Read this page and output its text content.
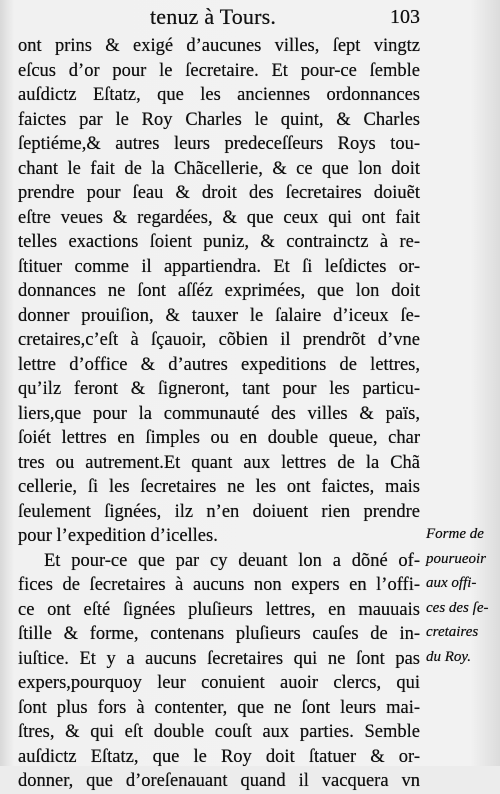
tenuz à Tours.	103
ont prins & exigé d’aucunes villes, ſept vingtz
eſcus d’or pour le ſecretaire. Et pour-ce ſemble
auſdictz Eſtatz, que les anciennes ordonnances
faictes par le Roy Charles le quint, & Charles
ſeptiéme,& autres leurs predeceſſeurs Roys tou-
chant le fait de la Chãcellerie, & ce que lon doit
prendre pour ſeau & droit des ſecretaires doiuẽt
eſtre veues & regardées, & que ceux qui ont fait
telles exactions ſoient puniz, & contrainctz à re-
ſtituer comme il appartiendra. Et ſi leſdictes or-
donnances ne ſont aſſéz exprimées, que lon doit
donner prouiſion, & tauxer le ſalaire d’iceux ſe-
cretaires,c’eſt à ſçauoir, cõbien il prendrõt d’vne
lettre d’office & d’autres expeditions de lettres,
qu’ilz feront & ſigneront, tant pour les particu-
liers,que pour la communauté des villes & païs,
ſoiét lettres en ſimples ou en double queue, char
tres ou autrement.Et quant aux lettres de la Chã
cellerie, ſi les ſecretaires ne les ont faictes, mais
ſeulement ſignées, ilz n’en doiuent rien prendre
pour l’expedition d’icelles.
Et pour-ce que par cy deuant lon a dõné of-
fices de ſecretaires à aucuns non expers en l’offi-
ce ont eſté ſignées pluſieurs lettres, en mauuais
ſtille & forme, contenans pluſieurs cauſes de in-
iuſtice. Et y a aucuns ſecretaires qui ne ſont pas
expers,pourquoy leur conuient auoir clercs, qui
ſont plus fors à contenter, que ne ſont leurs mai-
ſtres, & qui eſt double couſt aux parties. Semble
auſdictz Eſtatz, que le Roy doit ſtatuer & or-
donner, que d’oreſenauant quand il vacquera vn
Forme de
pourueoir
aux offi-
ces des ſe-
cretaires
du Roy.
